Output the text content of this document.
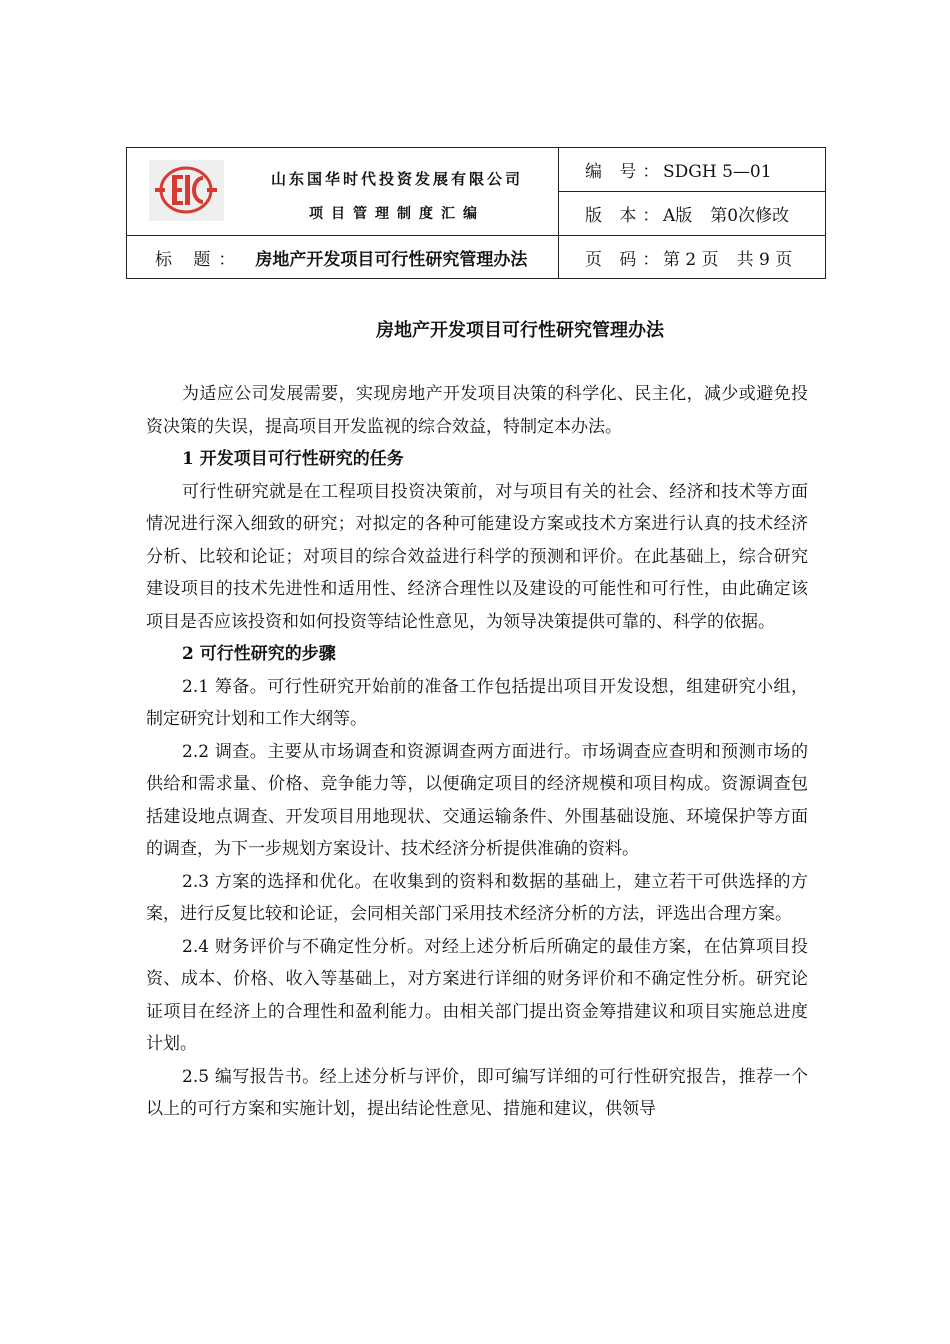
山东国华时代投资发展有限公司
项目管理制度汇编	编 号：SDGH 5—01
	版 本：A版 第0次修改
标 题： 房地产开发项目可行性研究管理办法	页 码：第 2 页 共 9 页
房地产开发项目可行性研究管理办法

为适应公司发展需要，实现房地产开发项目决策的科学化、民主化，减少或避免投资决策的失误，提高项目开发监视的综合效益，特制定本办法。

1 开发项目可行性研究的任务

可行性研究就是在工程项目投资决策前，对与项目有关的社会、经济和技术等方面情况进行深入细致的研究；对拟定的各种可能建设方案或技术方案进行认真的技术经济分析、比较和论证；对项目的综合效益进行科学的预测和评价。在此基础上，综合研究建设项目的技术先进性和适用性、经济合理性以及建设的可能性和可行性，由此确定该项目是否应该投资和如何投资等结论性意见，为领导决策提供可靠的、科学的依据。

2 可行性研究的步骤

2.1 筹备。可行性研究开始前的准备工作包括提出项目开发设想，组建研究小组，制定研究计划和工作大纲等。

2.2 调查。主要从市场调查和资源调查两方面进行。市场调查应查明和预测市场的供给和需求量、价格、竞争能力等，以便确定项目的经济规模和项目构成。资源调查包括建设地点调查、开发项目用地现状、交通运输条件、外围基础设施、环境保护等方面的调查，为下一步规划方案设计、技术经济分析提供准确的资料。

2.3 方案的选择和优化。在收集到的资料和数据的基础上，建立若干可供选择的方案，进行反复比较和论证，会同相关部门采用技术经济分析的方法，评选出合理方案。

2.4 财务评价与不确定性分析。对经上述分析后所确定的最佳方案，在估算项目投资、成本、价格、收入等基础上，对方案进行详细的财务评价和不确定性分析。研究论证项目在经济上的合理性和盈利能力。由相关部门提出资金筹措建议和项目实施总进度计划。

2.5 编写报告书。经上述分析与评价，即可编写详细的可行性研究报告，推荐一个以上的可行方案和实施计划，提出结论性意见、措施和建议，供领导
